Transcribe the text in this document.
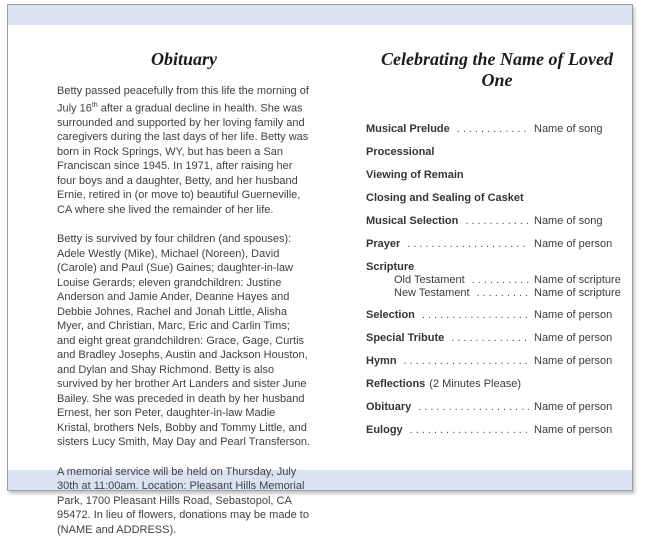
Obituary

Betty passed peacefully from this life the morning of July 16th after a gradual decline in health. She was surrounded and supported by her loving family and caregivers during the last days of her life. Betty was born in Rock Springs, WY, but has been a San Franciscan since 1945. In 1971, after raising her four boys and a daughter, Betty, and her husband Ernie, retired in (or move to) beautiful Guerneville, CA where she lived the remainder of her life.

Betty is survived by four children (and spouses): Adele Westly (Mike), Michael (Noreen), David (Carole) and Paul (Sue) Gaines; daughter-in-law Louise Gerards; eleven grandchildren: Justine Anderson and Jamie Ander, Deanne Hayes and Debbie Johnes, Rachel and Jonah Little, Alisha Myer, and Christian, Marc, Eric and Carlin Tims; and eight great grandchildren: Grace, Gage, Curtis and Bradley Josephs, Austin and Jackson Houston, and Dylan and Shay Richmond. Betty is also survived by her brother Art Landers and sister June Bailey. She was preceded in death by her husband Ernest, her son Peter, daughter-in-law Madie Kristal, brothers Nels, Bobby and Tommy Little, and sisters Lucy Smith, May Day and Pearl Transferson.

A memorial service will be held on Thursday, July 30th at 11:00am. Location: Pleasant Hills Memorial Park, 1700 Pleasant Hills Road, Sebastopol, CA 95472. In lieu of flowers, donations may be made to (NAME and ADDRESS).

Celebrating the Name of Loved One
Musical Prelude .....	Name of song
Processional
Viewing of Remain
Closing and Sealing of Casket
Musical Selection .....	Name of song
Prayer .....	Name of person
Scripture
Old Testament .....	Name of scripture
New Testament .....	Name of scripture
Selection .....	Name of person
Special Tribute .....	Name of person
Hymn .....	Name of person
Reflections (2 Minutes Please)
Obituary .....	Name of person
Eulogy .....	Name of person
